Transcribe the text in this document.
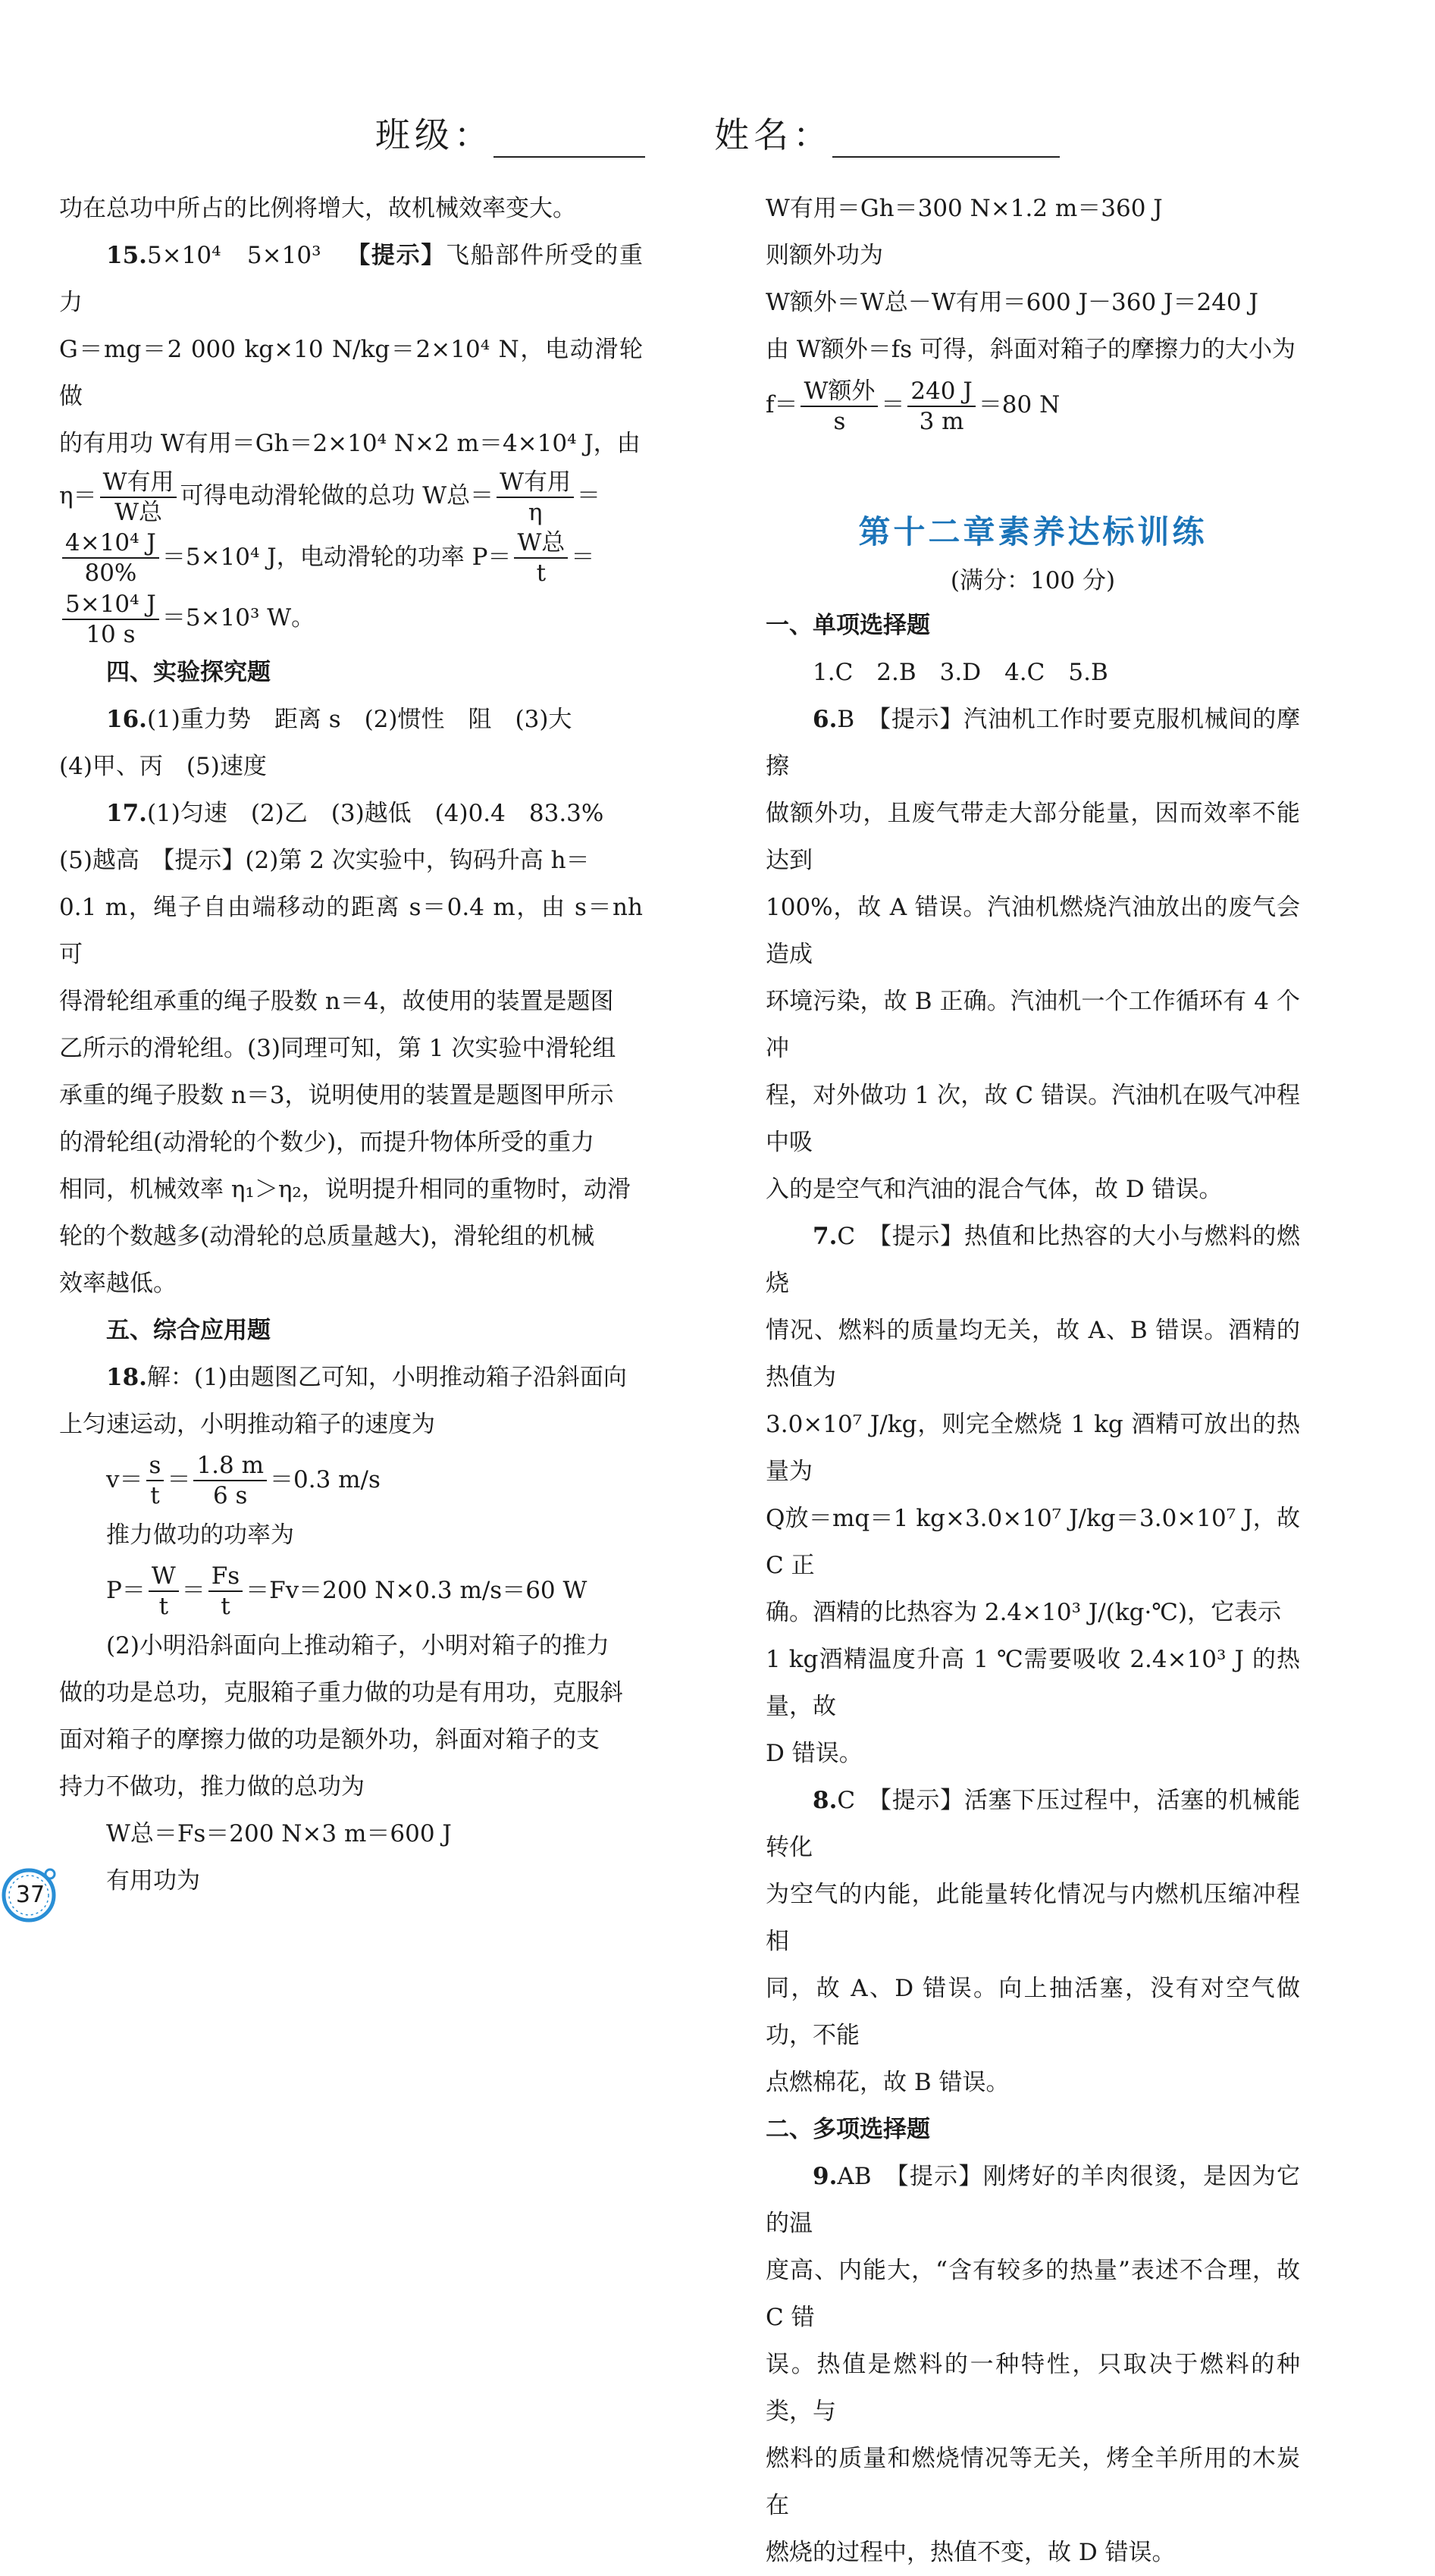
班级：	姓名：

功在总功中所占的比例将增大，故机械效率变大。

15.5×10⁴　5×10³ 【提示】飞船部件所受的重力

G＝mg＝2 000 kg×10 N/kg＝2×10⁴ N，电动滑轮做

的有用功 W有用＝Gh＝2×10⁴ N×2 m＝4×10⁴ J，由

$\eta= \frac{\text{W有用}}{\text{W总}}$ 可得电动滑轮做的总功 W总＝ $\frac{\text{W有用}}{\eta}$ ＝

$\frac{\text{4×10⁴ J}}{80\%} =5\times 10^4$ J，电动滑轮的功率 $P= \frac{\text{W总}}{t}$ ＝

$\frac{\text{5×10⁴ J}}{10 s} =5\times 10^3$ W。

四、实验探究题

16.(1)重力势　距离 s　(2)惯性　阻　(3)大

(4)甲、丙　(5)速度

17.(1)匀速　(2)乙　(3)越低　(4)0.4　83.3%

(5)越高　【提示】(2)第 2 次实验中，钩码升高 h＝

0.1 m，绳子自由端移动的距离 s＝0.4 m，由 s＝nh 可

得滑轮组承重的绳子股数 n＝4，故使用的装置是题图

乙所示的滑轮组。(3)同理可知，第 1 次实验中滑轮组

承重的绳子股数 n＝3，说明使用的装置是题图甲所示

的滑轮组(动滑轮的个数少)，而提升物体所受的重力

相同，机械效率 η₁＞η₂，说明提升相同的重物时，动滑

轮的个数越多(动滑轮的总质量越大)，滑轮组的机械

效率越低。

五、综合应用题

18.解：(1)由题图乙可知，小明推动箱子沿斜面向

上匀速运动，小明推动箱子的速度为

$v= \frac{s}{t} = \frac{1.8 m}{6 s} =0.3$ m/s

推力做功的功率为

$P= \frac{W}{t} = \frac{Fs}{t} =Fv=200$ N×0.3 m/s＝60 W

(2)小明沿斜面向上推动箱子，小明对箱子的推力

做的功是总功，克服箱子重力做的功是有用功，克服斜

面对箱子的摩擦力做的功是额外功，斜面对箱子的支

持力不做功，推力做的总功为

W总＝Fs＝200 N×3 m＝600 J

有用功为

W有用＝Gh＝300 N×1.2 m＝360 J

则额外功为

W额外＝W总－W有用＝600 J－360 J＝240 J

由 W额外＝fs 可得，斜面对箱子的摩擦力的大小为

$f= \frac{\text{W额外}}{s} = \frac{240 J}{3 m} =80$ N

第十二章素养达标训练

(满分：100 分)

一、单项选择题

1.C　2.B　3.D　4.C　5.B

6.B　【提示】汽油机工作时要克服机械间的摩擦

做额外功，且废气带走大部分能量，因而效率不能达到

100%，故 A 错误。汽油机燃烧汽油放出的废气会造成

环境污染，故 B 正确。汽油机一个工作循环有 4 个冲

程，对外做功 1 次，故 C 错误。汽油机在吸气冲程中吸

入的是空气和汽油的混合气体，故 D 错误。

7.C　【提示】热值和比热容的大小与燃料的燃烧

情况、燃料的质量均无关，故 A、B 错误。酒精的热值为

3.0×10⁷ J/kg，则完全燃烧 1 kg 酒精可放出的热量为

Q放＝mq＝1 kg×3.0×10⁷ J/kg＝3.0×10⁷ J，故 C 正

确。酒精的比热容为 2.4×10³ J/(kg·℃)，它表示

1 kg酒精温度升高 1 ℃需要吸收 2.4×10³ J 的热量，故

D 错误。

8.C　【提示】活塞下压过程中，活塞的机械能转化

为空气的内能，此能量转化情况与内燃机压缩冲程相

同，故 A、D 错误。向上抽活塞，没有对空气做功，不能

点燃棉花，故 B 错误。

二、多项选择题

9.AB　【提示】刚烤好的羊肉很烫，是因为它的温

度高、内能大，“含有较多的热量”表述不合理，故 C 错

误。热值是燃料的一种特性，只取决于燃料的种类，与

燃料的质量和燃烧情况等无关，烤全羊所用的木炭在

燃烧的过程中，热值不变，故 D 错误。

37
